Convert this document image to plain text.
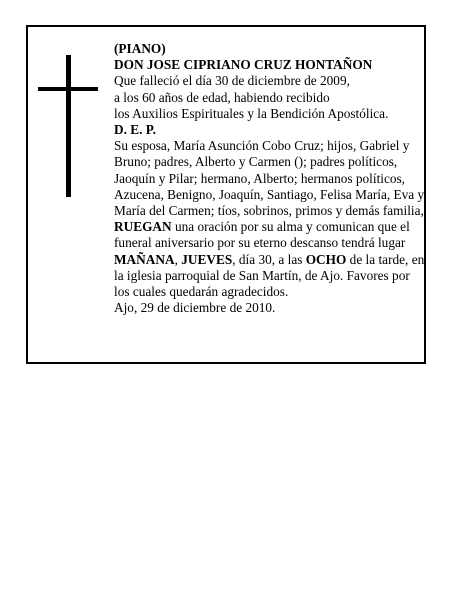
(PIANO)
DON JOSE CIPRIANO CRUZ HONTAÑON
Que falleció el día 30 de diciembre de 2009,
a los 60 años de edad, habiendo recibido
los Auxilios Espirituales y la Bendición Apostólica.
D. E. P.
Su esposa, María Asunción Cobo Cruz; hijos, Gabriel y Bruno; padres, Alberto y Carmen (); padres políticos, Jaoquín y Pilar; hermano, Alberto; hermanos políticos, Azucena, Benigno, Joaquín, Santiago, Felisa María, Eva y María del Carmen; tíos, sobrinos, primos y demás familia,
RUEGAN una oración por su alma y comunican que el funeral aniversario por su eterno descanso tendrá lugar MAÑANA, JUEVES, día 30, a las OCHO de la tarde, en la iglesia parroquial de San Martín, de Ajo. Favores por los cuales quedarán agradecidos.
Ajo, 29 de diciembre de 2010.
